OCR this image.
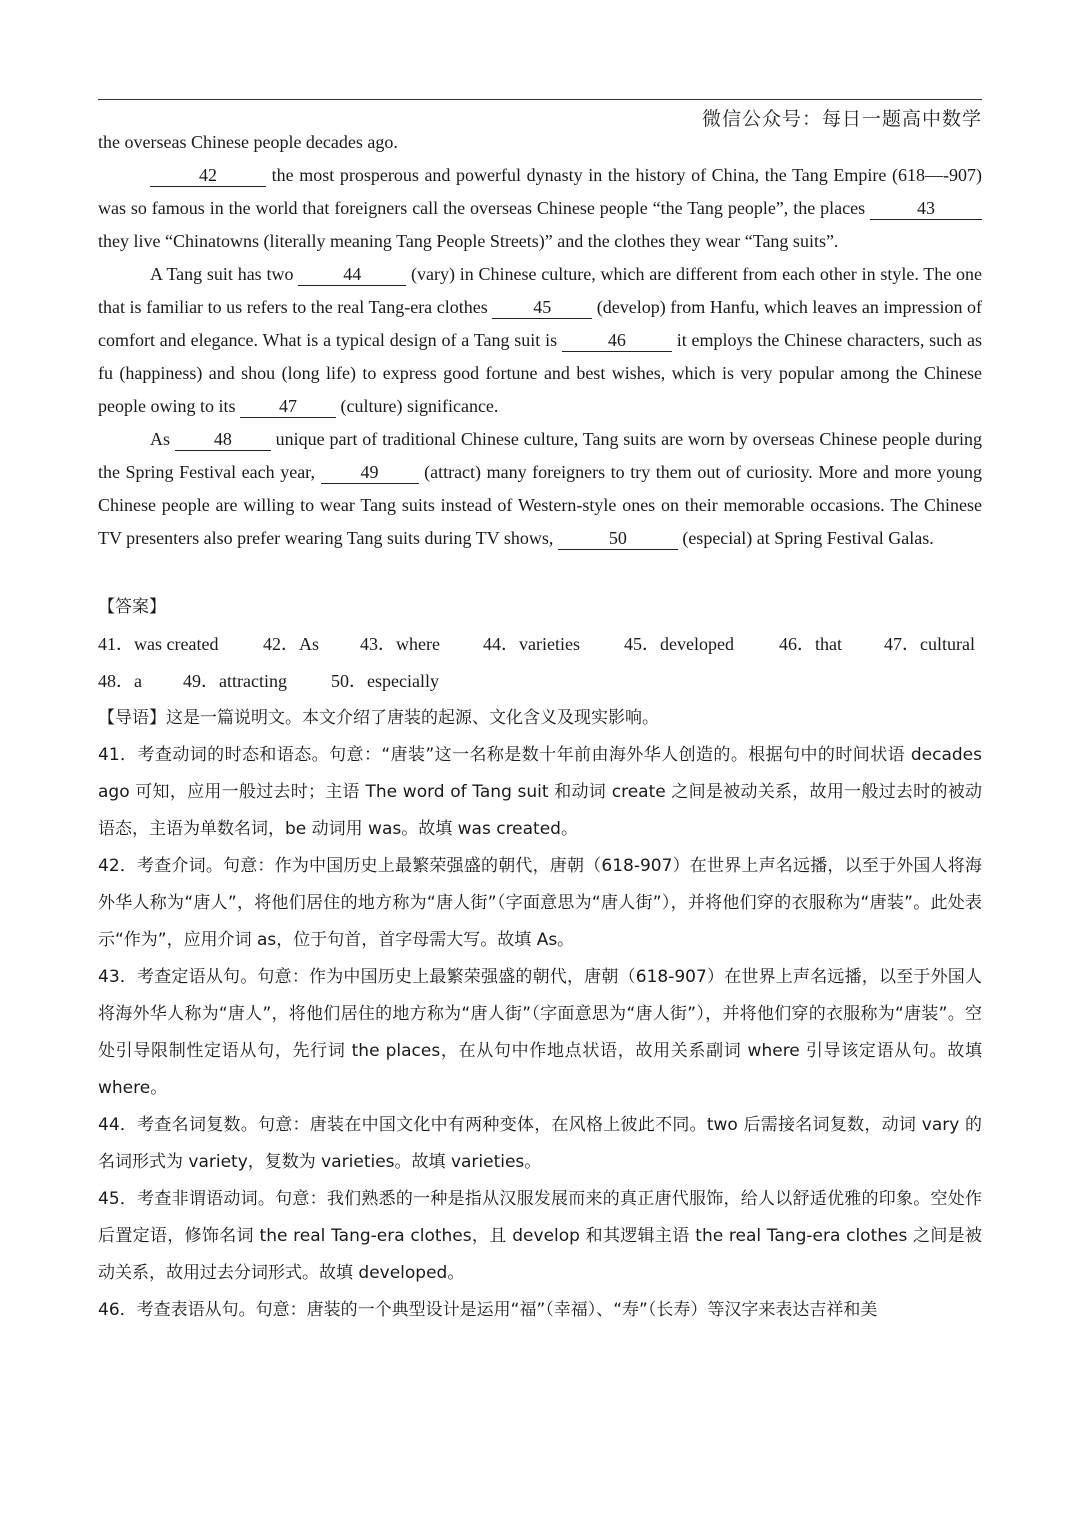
微信公众号：每日一题高中数学

the overseas Chinese people decades ago.

42	the most prosperous and powerful dynasty in the history of China, the Tang Empire (618—-907) was so famous in the world that foreigners call the overseas Chinese people “the Tang people”, the places	43 they live “Chinatowns (literally meaning Tang People Streets)” and the clothes they wear “Tang suits”.

A Tang suit has two	44	(vary) in Chinese culture, which are different from each other in style. The one that is familiar to us refers to the real Tang-era clothes 45 (develop) from Hanfu, which leaves an impression of comfort and elegance. What is a typical design of a Tang suit is	46	it employs the Chinese characters, such as fu (happiness) and shou (long life) to express good fortune and best wishes, which is very popular among the Chinese people owing to its 47 (culture) significance.

As 48 unique part of traditional Chinese culture, Tang suits are worn by overseas Chinese people during the Spring Festival each year, 49 (attract) many foreigners to try them out of curiosity. More and more young Chinese people are willing to wear Tang suits instead of Western-style ones on their memorable occasions. The Chinese TV presenters also prefer wearing Tang suits during TV shows,	50	(especial) at Spring Festival Galas.

【答案】
41．was created 42．As 43．where 44．varieties 45．developed	46．that 47．cultural
48．a 49．attracting 50．especially

【导语】这是一篇说明文。本文介绍了唐装的起源、文化含义及现实影响。

41．考查动词的时态和语态。句意：“唐装”这一名称是数十年前由海外华人创造的。根据句中的时间状语 decades ago 可知，应用一般过去时；主语 The word of Tang suit 和动词 create 之间是被动关系，故用一般过去时的被动语态，主语为单数名词，be 动词用 was。故填 was created。

42．考查介词。句意：作为中国历史上最繁荣强盛的朝代，唐朝（618-907）在世界上声名远播，以至于外国人将海外华人称为“唐人”，将他们居住的地方称为“唐人街”（字面意思为“唐人街”），并将他们穿的衣服称为“唐装”。此处表示“作为”，应用介词 as，位于句首，首字母需大写。故填 As。

43．考查定语从句。句意：作为中国历史上最繁荣强盛的朝代，唐朝（618-907）在世界上声名远播，以至于外国人将海外华人称为“唐人”，将他们居住的地方称为“唐人街”（字面意思为“唐人街”），并将他们穿的衣服称为“唐装”。空处引导限制性定语从句，先行词 the places，在从句中作地点状语，故用关系副词 where 引导该定语从句。故填 where。

44．考查名词复数。句意：唐装在中国文化中有两种变体，在风格上彼此不同。two 后需接名词复数，动词 vary 的名词形式为 variety，复数为 varieties。故填 varieties。

45．考查非谓语动词。句意：我们熟悉的一种是指从汉服发展而来的真正唐代服饰，给人以舒适优雅的印象。空处作后置定语，修饰名词 the real Tang-era clothes，且 develop 和其逻辑主语 the real Tang-era clothes 之间是被动关系，故用过去分词形式。故填 developed。

46．考查表语从句。句意：唐装的一个典型设计是运用“福”（幸福）、“寿”（长寿）等汉字来表达吉祥和美
